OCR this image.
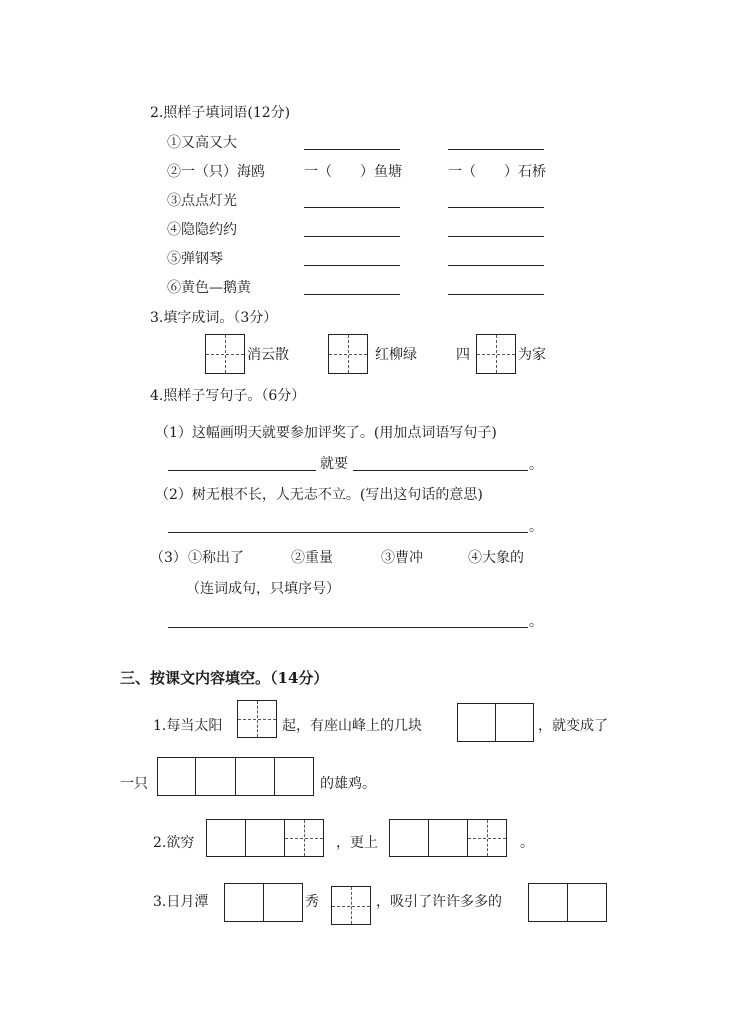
2.照样子填词语(12分)
①又高又大
②一（只）海鸥	一（　　）鱼塘	一（　　）石桥
③点点灯光
④隐隐约约
⑤弹钢琴
⑥黄色—鹅黄
3.填字成词。（3分）
消云散	红柳绿	四	为家
4.照样子写句子。（6分）
（1）这幅画明天就要参加评奖了。(用加点词语写句子)
就要	。
（2）树无根不长，人无志不立。(写出这句话的意思)
。
（3） ①称出了	②重量	③曹冲	④大象的
（连词成句，只填序号）
。
三、按课文内容填空。（14分）
1.每当太阳	起，有座山峰上的几块	，就变成了
一只	的雄鸡。
2.欲穷	，更上	。
3.日月潭	秀	，吸引了许许多多的
